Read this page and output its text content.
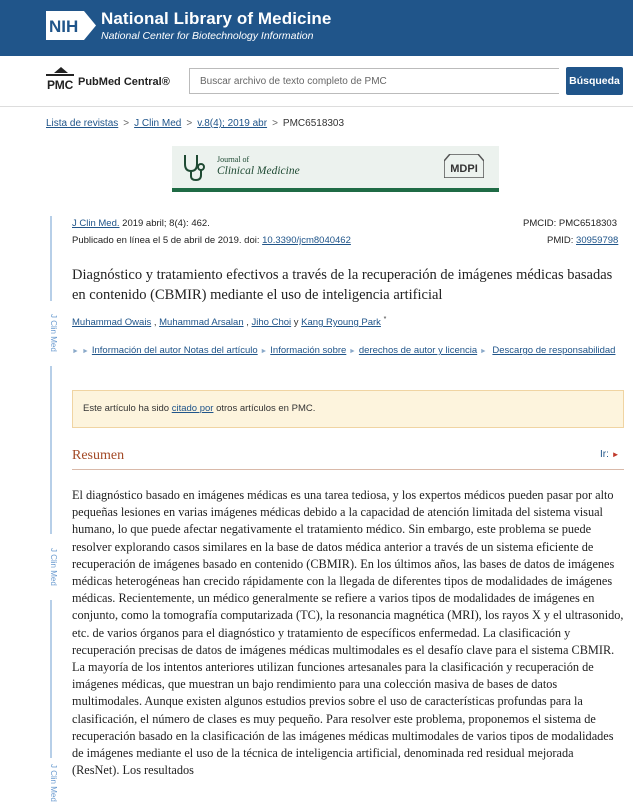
NIH National Library of Medicine
National Center for Biotechnology Information
PMC PubMed Central®	Buscar archivo de texto completo de PMC	Búsqueda
Lista de revistas > J Clin Med > v.8(4); 2019 abr > PMC6518303
Journal of
Clinical Medicine	MDPI
J Clin Med
J Clin Med
J Clin Med
J Clin Med. 2019 abril; 8(4): 462.	PMCID: PMC6518303
Publicado en línea el 5 de abril de 2019. doi: 10.3390/jcm8040462	PMID: 30959798
Diagnóstico y tratamiento efectivos a través de la recuperación de imágenes médicas basadas en contenido (CBMIR) mediante el uso de inteligencia artificial
Muhammad Owais , Muhammad Arsalan , Jiho Choi y Kang Ryoung Park *
► ► Información del autor Notas del artículo ► Información sobre ► derechos de autor y licencia ► Descargo de responsabilidad
Este artículo ha sido citado por otros artículos en PMC.
Resumen	Ir: ►
El diagnóstico basado en imágenes médicas es una tarea tediosa, y los expertos médicos pueden pasar por alto pequeñas lesiones en varias imágenes médicas debido a la capacidad de atención limitada del sistema visual humano, lo que puede afectar negativamente el tratamiento médico. Sin embargo, este problema se puede resolver explorando casos similares en la base de datos médica anterior a través de un sistema eficiente de recuperación de imágenes basado en contenido (CBMIR). En los últimos años, las bases de datos de imágenes médicas heterogéneas han crecido rápidamente con la llegada de diferentes tipos de modalidades de imágenes médicas. Recientemente, un médico generalmente se refiere a varios tipos de modalidades de imágenes en conjunto, como la tomografía computarizada (TC), la resonancia magnética (MRI), los rayos X y el ultrasonido, etc. de varios órganos para el diagnóstico y tratamiento de específicos enfermedad. La clasificación y recuperación precisas de datos de imágenes médicas multimodales es el desafío clave para el sistema CBMIR. La mayoría de los intentos anteriores utilizan funciones artesanales para la clasificación y recuperación de imágenes médicas, que muestran un bajo rendimiento para una colección masiva de bases de datos multimodales. Aunque existen algunos estudios previos sobre el uso de características profundas para la clasificación, el número de clases es muy pequeño. Para resolver este problema, proponemos el sistema de recuperación basado en la clasificación de las imágenes médicas multimodales de varios tipos de modalidades de imágenes mediante el uso de la técnica de inteligencia artificial, denominada red residual mejorada (ResNet). Los resultados
